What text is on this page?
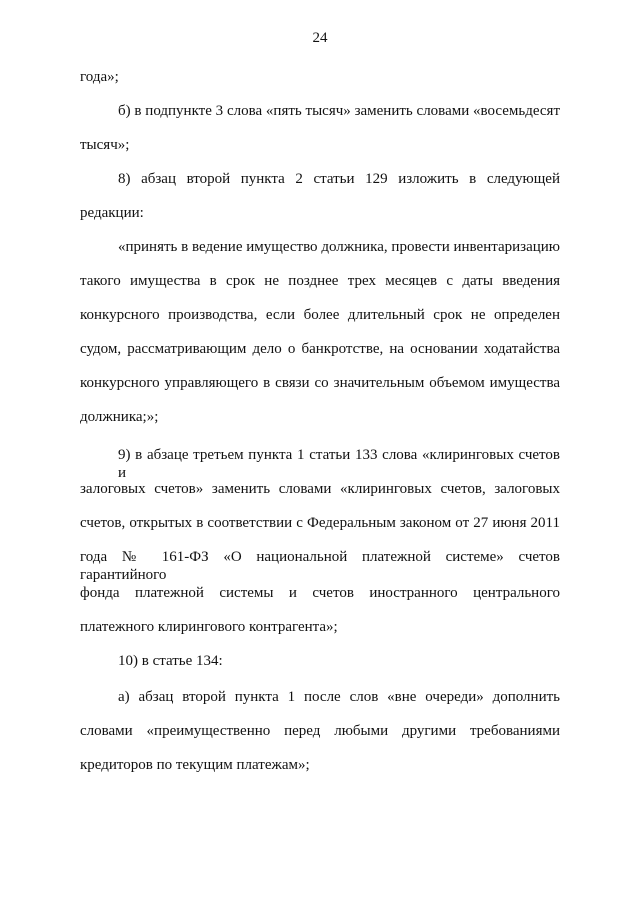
24
года»;
б) в подпункте 3 слова «пять тысяч» заменить словами «восемьдесят
тысяч»;
8) абзац второй пункта 2 статьи 129 изложить в следующей
редакции:
«принять в ведение имущество должника, провести инвентаризацию
такого имущества в срок не позднее трех месяцев с даты введения
конкурсного производства, если более длительный срок не определен
судом, рассматривающим дело о банкротстве, на основании ходатайства
конкурсного управляющего в связи со значительным объемом имущества
должника;»;
9) в абзаце третьем пункта 1 статьи 133 слова «клиринговых счетов и
залоговых счетов» заменить словами «клиринговых счетов, залоговых
счетов, открытых в соответствии с Федеральным законом от 27 июня 2011
года № 161-ФЗ «О национальной платежной системе» счетов гарантийного
фонда платежной системы и счетов иностранного центрального
платежного клирингового контрагента»;
10) в статье 134:
а) абзац второй пункта 1 после слов «вне очереди» дополнить
словами «преимущественно перед любыми другими требованиями
кредиторов по текущим платежам»;
